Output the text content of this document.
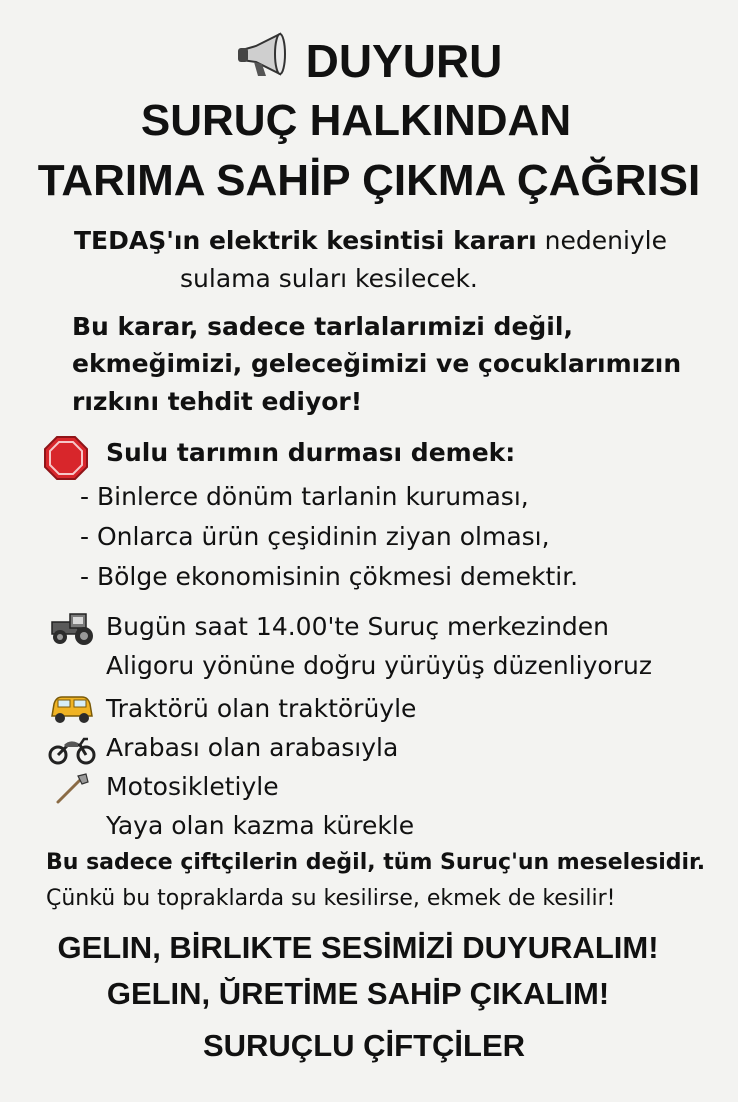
DUYURU
SURUÇ HALKINDAN
TARIMA SAHİP ÇIKMA ÇAĞRISI
TEDAŞ'ın elektrik kesintisi kararı nedeniyle
sulama suları kesilecek.
Bu karar, sadece tarlalarımizi değil,
ekmeğimizi, geleceğimizi ve çocuklarımızın
rızkını tehdit ediyor!
Sulu tarımın durması demek:
- Binlerce dönüm tarlanin kuruması,
- Onlarca ürün çeşidinin ziyan olması,
- Bölge ekonomisinin çökmesi demektir.
Bugün saat 14.00'te Suruç merkezinden
Aligoru yönüne doğru yürüyüş düzenliyoruz
Traktörü olan traktörüyle
Arabası olan arabasıyla
Motosikletiyle
Yaya olan kazma kürekle
Bu sadece çiftçilerin değil, tüm Suruç'un meselesidir.
Çünkü bu topraklarda su kesilirse, ekmek de kesilir!
GELIN, BİRLIKTE SESİMİZİ DUYURALIM!
GELIN, ŬRETİME SAHİP ÇIKALIM!
SURUÇLU ÇİFTÇİLER
